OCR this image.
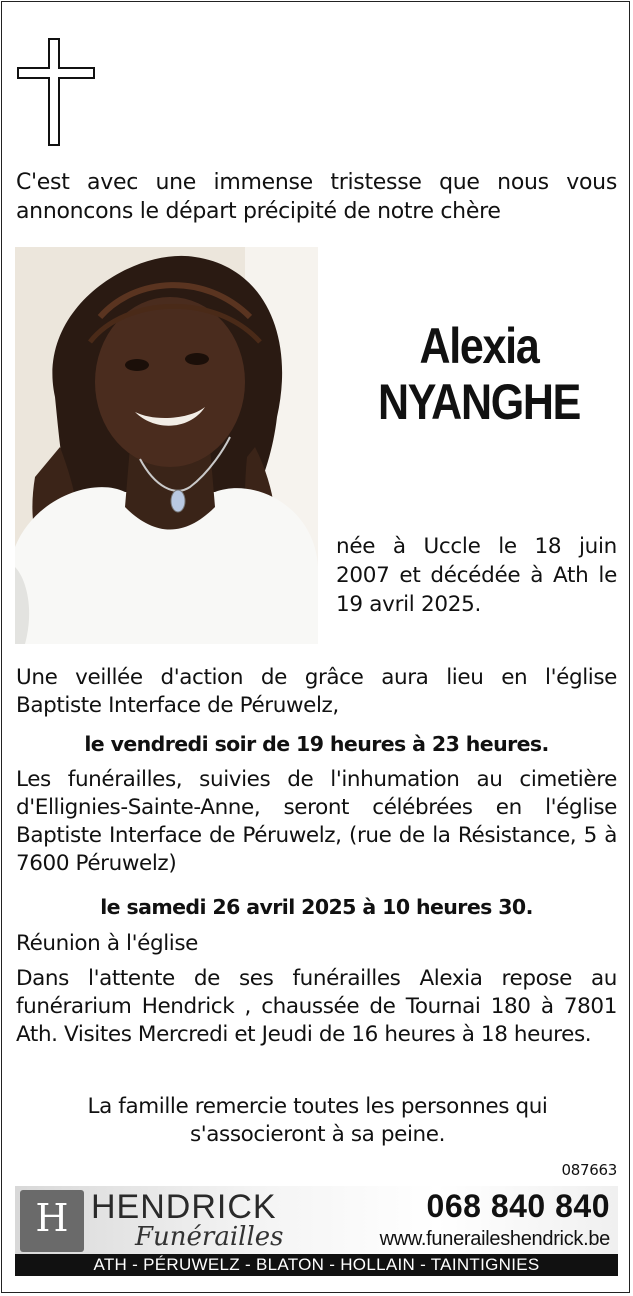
C'est avec une immense tristesse que nous vous annoncons le départ précipité de notre chère
Alexia
NYANGHE
née à Uccle le 18 juin 2007 et décédée à Ath le 19 avril 2025.
Une veillée d'action de grâce aura lieu en l'église Baptiste Interface de Péruwelz,
le vendredi soir de 19 heures à 23 heures.
Les funérailles, suivies de l'inhumation au cimetière d'Ellignies-Sainte-Anne, seront célébrées en l'église Baptiste Interface de Péruwelz, (rue de la Résistance, 5 à 7600 Péruwelz)
le samedi 26 avril 2025 à 10 heures 30.
Réunion à l'église
Dans l'attente de ses funérailles Alexia repose au funérarium Hendrick , chaussée de Tournai 180 à 7801 Ath. Visites Mercredi et Jeudi de 16 heures à 18 heures.
La famille remercie toutes les personnes qui s'associeront à sa peine.
087663
H HENDRICK
Funérailles
068 840 840
www.funeraileshendrick.be
ATH - PÉRUWELZ - BLATON - HOLLAIN - TAINTIGNIES
